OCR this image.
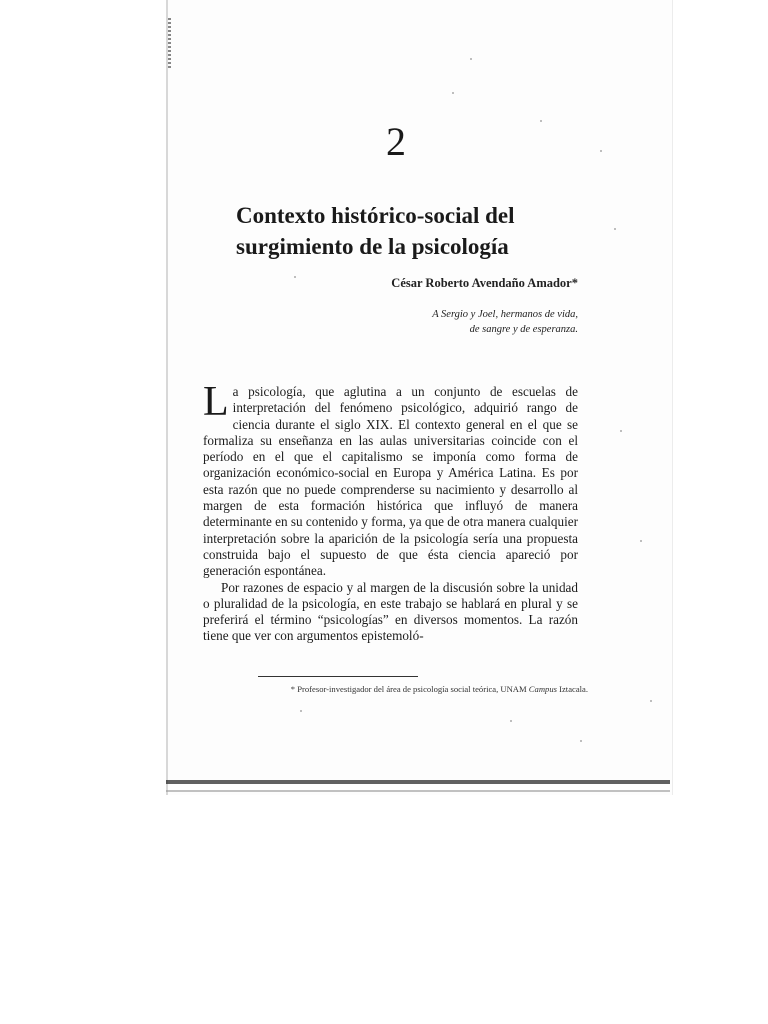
2
Contexto histórico-social del
surgimiento de la psicología
César Roberto Avendaño Amador*
A Sergio y Joel, hermanos de vida,
de sangre y de esperanza.

La psicología, que aglutina a un conjunto de escuelas de interpretación del fenómeno psicológico, adquirió rango de ciencia durante el siglo XIX. El contexto general en el que se formaliza su enseñanza en las aulas universitarias coincide con el período en el que el capitalismo se imponía como forma de organización económico-social en Europa y América Latina. Es por esta razón que no puede comprenderse su nacimiento y desarrollo al margen de esta formación histórica que influyó de manera determinante en su contenido y forma, ya que de otra manera cualquier interpretación sobre la aparición de la psicología sería una propuesta construida bajo el supuesto de que ésta ciencia apareció por generación espontánea.

Por razones de espacio y al margen de la discusión sobre la unidad o pluralidad de la psicología, en este trabajo se hablará en plural y se preferirá el término “psicologías” en diversos momentos. La razón tiene que ver con argumentos epistemoló-

* Profesor-investigador del área de psicología social teórica, UNAM Campus Iztacala.
